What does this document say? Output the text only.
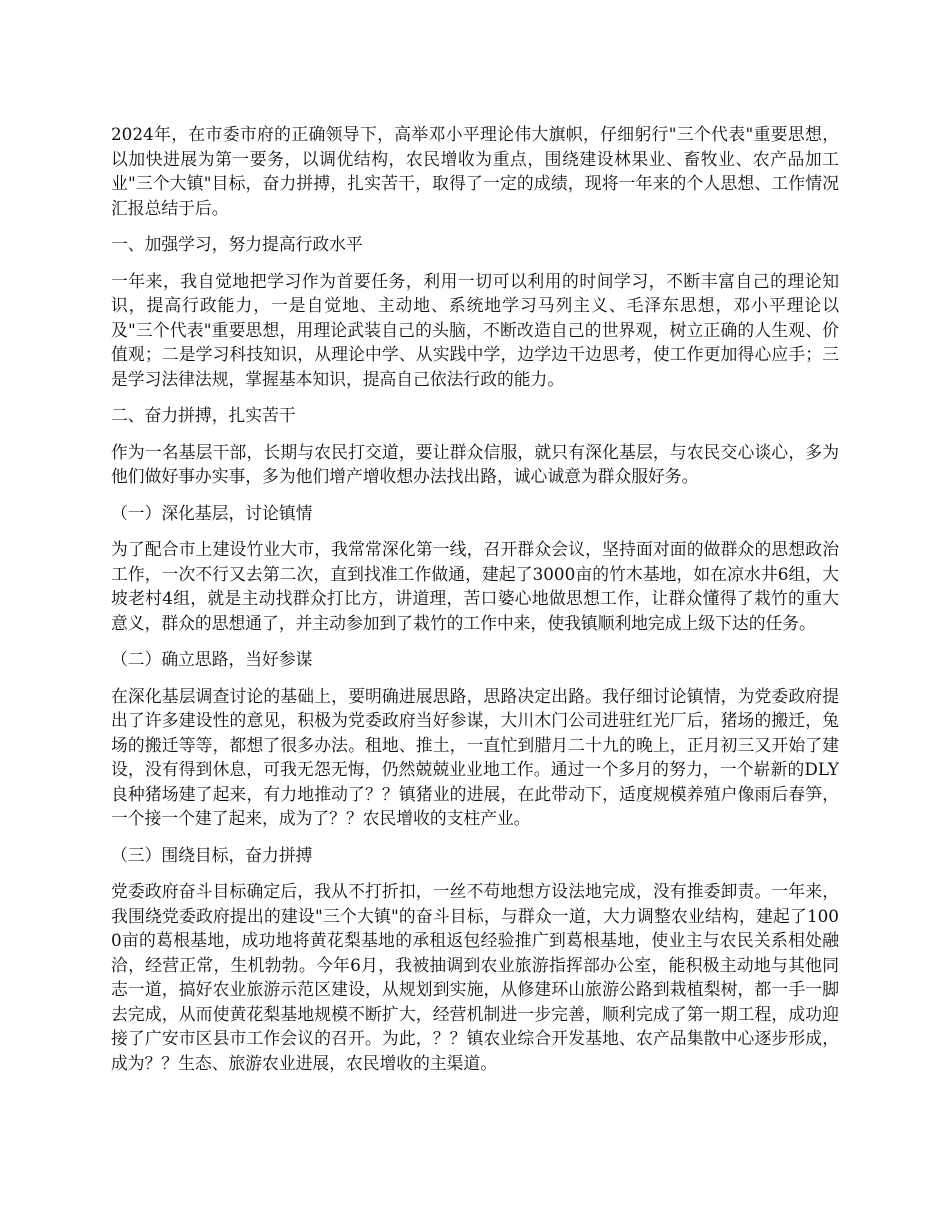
2024年，在市委市府的正确领导下，高举邓小平理论伟大旗帜，仔细躬行"三个代表"重要思想，以加快进展为第一要务，以调优结构，农民增收为重点，围绕建设林果业、畜牧业、农产品加工业"三个大镇"目标，奋力拼搏，扎实苦干，取得了一定的成绩，现将一年来的个人思想、工作情况汇报总结于后。

一、加强学习，努力提高行政水平

一年来，我自觉地把学习作为首要任务，利用一切可以利用的时间学习，不断丰富自己的理论知识，提高行政能力，一是自觉地、主动地、系统地学习马列主义、毛泽东思想，邓小平理论以及"三个代表"重要思想，用理论武装自己的头脑，不断改造自己的世界观，树立正确的人生观、价值观；二是学习科技知识，从理论中学、从实践中学，边学边干边思考，使工作更加得心应手；三是学习法律法规，掌握基本知识，提高自己依法行政的能力。

二、奋力拼搏，扎实苦干

作为一名基层干部，长期与农民打交道，要让群众信服，就只有深化基层，与农民交心谈心，多为他们做好事办实事，多为他们增产增收想办法找出路，诚心诚意为群众服好务。

（一）深化基层，讨论镇情

为了配合市上建设竹业大市，我常常深化第一线，召开群众会议，坚持面对面的做群众的思想政治工作，一次不行又去第二次，直到找准工作做通，建起了3000亩的竹木基地，如在凉水井6组，大坡老村4组，就是主动找群众打比方，讲道理，苦口婆心地做思想工作，让群众懂得了栽竹的重大意义，群众的思想通了，并主动参加到了栽竹的工作中来，使我镇顺利地完成上级下达的任务。

（二）确立思路，当好参谋

在深化基层调查讨论的基础上，要明确进展思路，思路决定出路。我仔细讨论镇情，为党委政府提出了许多建设性的意见，积极为党委政府当好参谋，大川木门公司进驻红光厂后，猪场的搬迁，兔场的搬迁等等，都想了很多办法。租地、推土，一直忙到腊月二十九的晚上，正月初三又开始了建设，没有得到休息，可我无怨无悔，仍然兢兢业业地工作。通过一个多月的努力，一个崭新的DLY良种猪场建了起来，有力地推动了？？镇猪业的进展，在此带动下，适度规模养殖户像雨后春笋，一个接一个建了起来，成为了？？农民增收的支柱产业。

（三）围绕目标，奋力拼搏

党委政府奋斗目标确定后，我从不打折扣，一丝不苟地想方设法地完成，没有推委卸责。一年来，我围绕党委政府提出的建设"三个大镇"的奋斗目标，与群众一道，大力调整农业结构，建起了1000亩的葛根基地，成功地将黄花梨基地的承租返包经验推广到葛根基地，使业主与农民关系相处融洽，经营正常，生机勃勃。今年6月，我被抽调到农业旅游指挥部办公室，能积极主动地与其他同志一道，搞好农业旅游示范区建设，从规划到实施，从修建环山旅游公路到栽植梨树，都一手一脚去完成，从而使黄花梨基地规模不断扩大，经营机制进一步完善，顺利完成了第一期工程，成功迎接了广安市区县市工作会议的召开。为此，？？镇农业综合开发基地、农产品集散中心逐步形成，成为？？生态、旅游农业进展，农民增收的主渠道。
